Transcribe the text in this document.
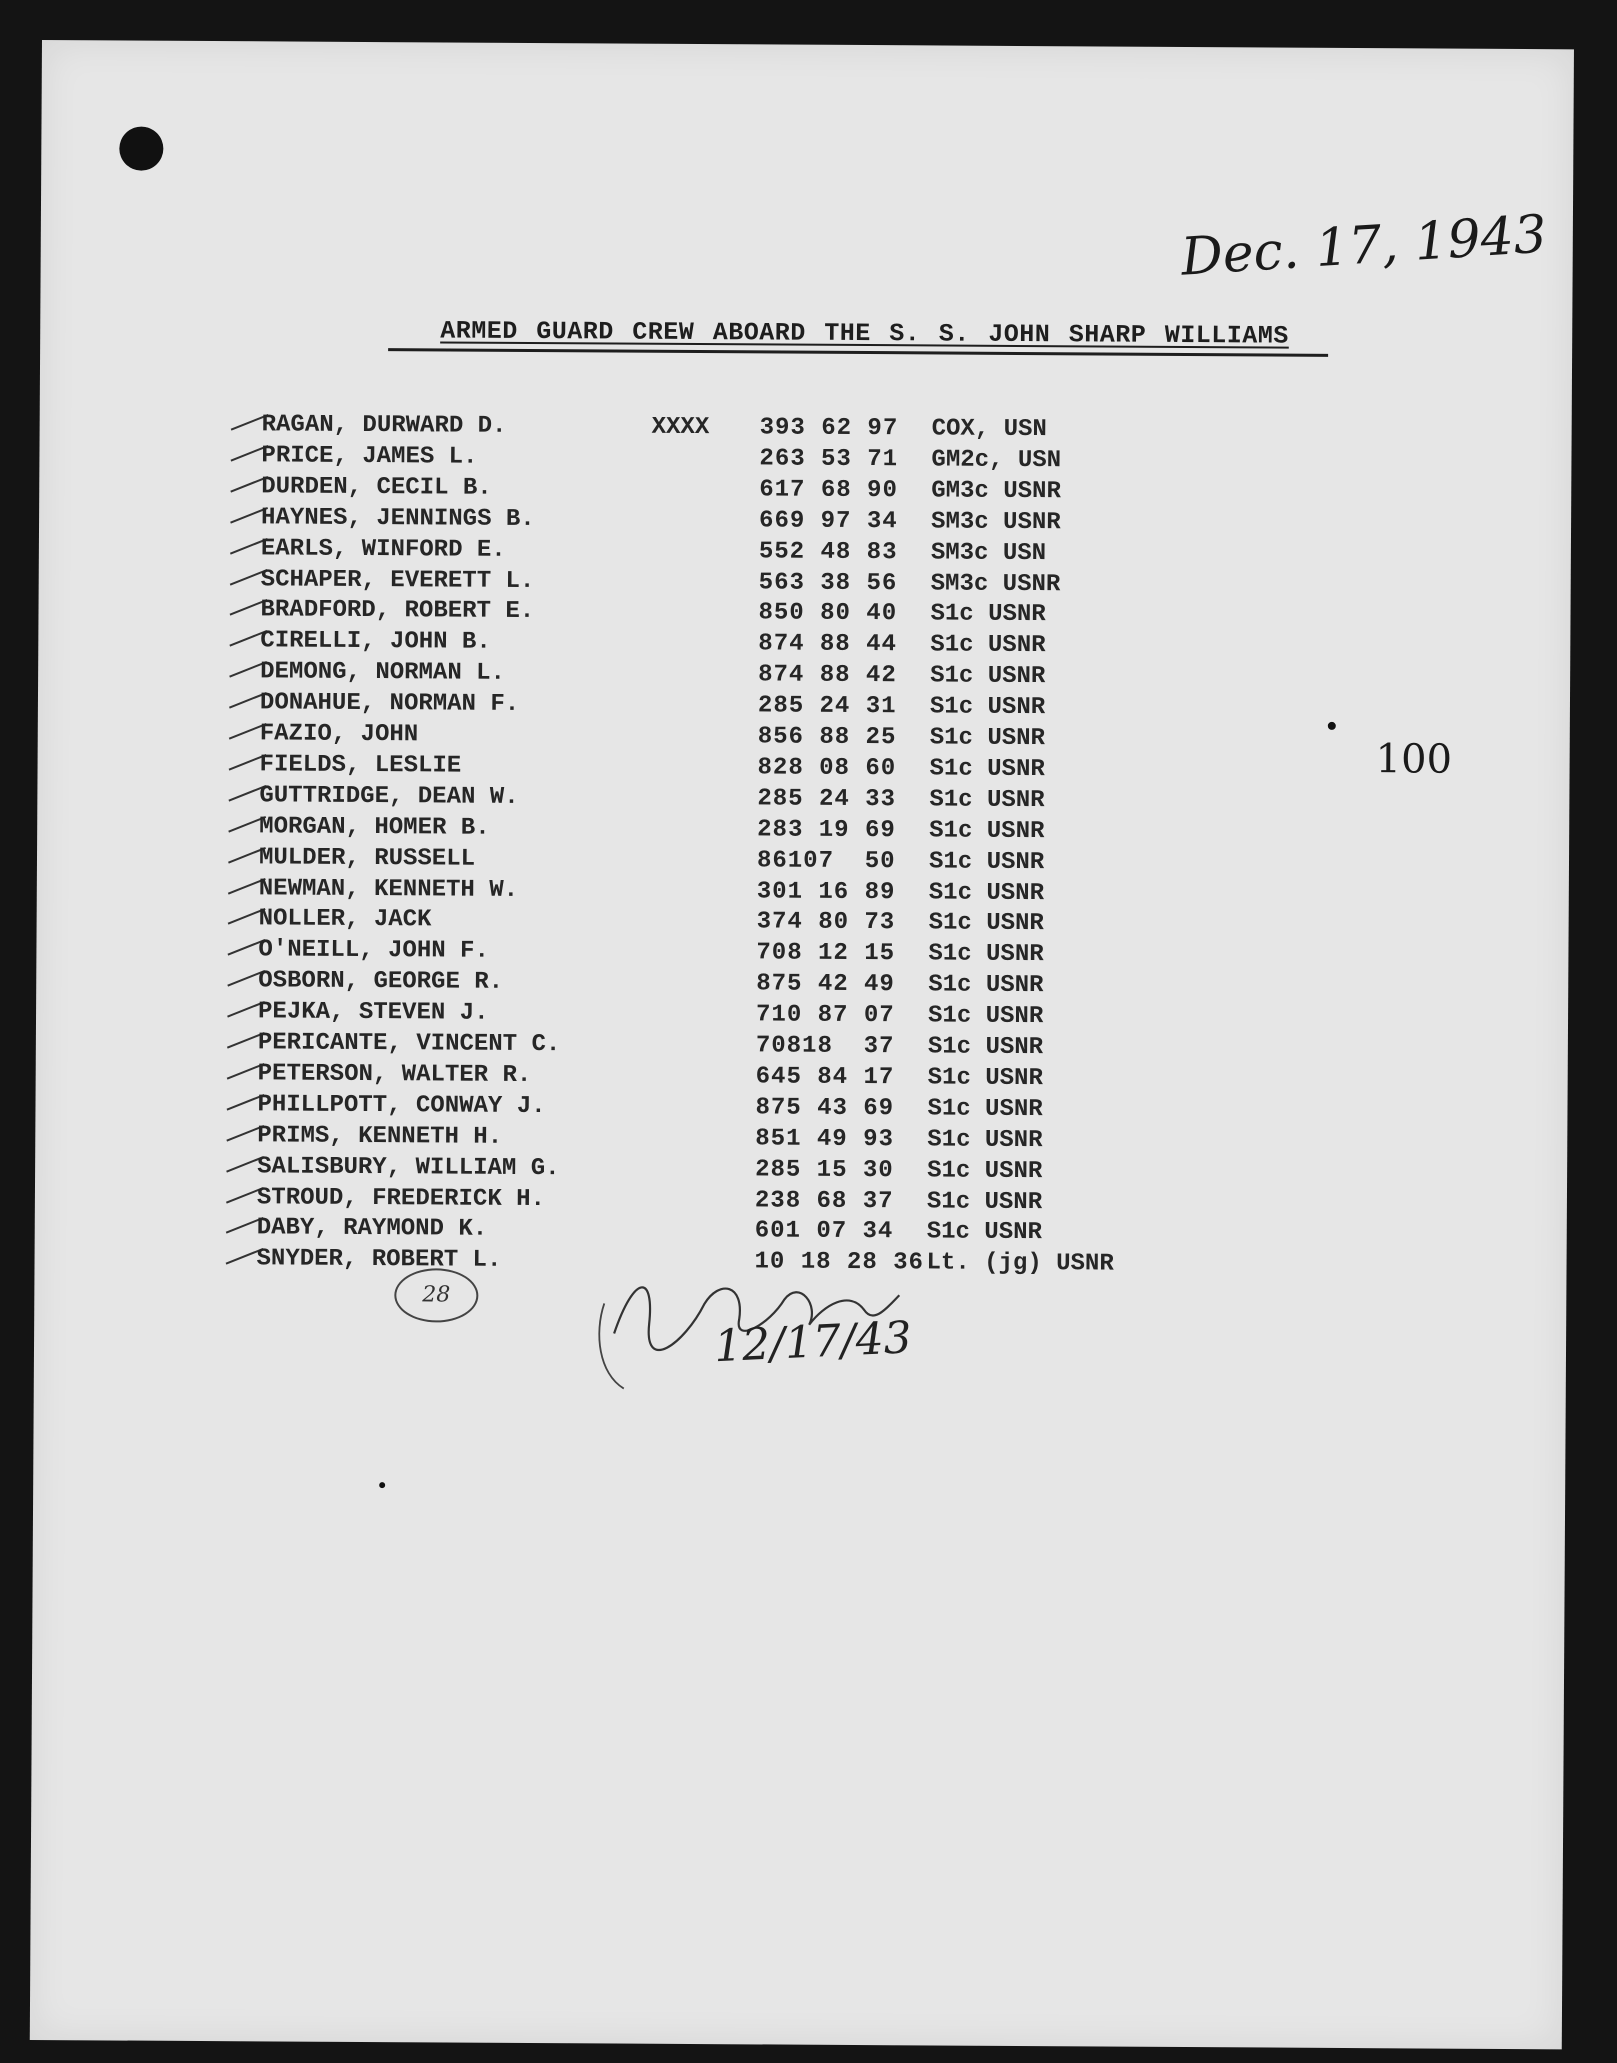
Dec. 17, 1943
ARMED GUARD CREW ABOARD THE S. S. JOHN SHARP WILLIAMS
RAGAN, DURWARD D.	XXXX 393 62 97 COX, USN
PRICE, JAMES L.	263 53 71 GM2c, USN
DURDEN, CECIL B.	617 68 90 GM3c USNR
HAYNES, JENNINGS B.	669 97 34 SM3c USNR
EARLS, WINFORD E.	552 48 83 SM3c USN
SCHAPER, EVERETT L.	563 38 56 SM3c USNR
BRADFORD, ROBERT E.	850 80 40 S1c USNR
CIRELLI, JOHN B.	874 88 44 S1c USNR
DEMONG, NORMAN L.	874 88 42 S1c USNR
DONAHUE, NORMAN F.	285 24 31 S1c USNR
FAZIO, JOHN	856 88 25 S1c USNR
FIELDS, LESLIE	828 08 60 S1c USNR
GUTTRIDGE, DEAN W.	285 24 33 S1c USNR
MORGAN, HOMER B.	283 19 69 S1c USNR
MULDER, RUSSELL	86107  50 S1c USNR
NEWMAN, KENNETH W.	301 16 89 S1c USNR
NOLLER, JACK	374 80 73 S1c USNR
O'NEILL, JOHN F.	708 12 15 S1c USNR
OSBORN, GEORGE R.	875 42 49 S1c USNR
PEJKA, STEVEN J.	710 87 07 S1c USNR
PERICANTE, VINCENT C.	70818  37 S1c USNR
PETERSON, WALTER R.	645 84 17 S1c USNR
PHILLPOTT, CONWAY J.	875 43 69 S1c USNR
PRIMS, KENNETH H.	851 49 93 S1c USNR
SALISBURY, WILLIAM G.	285 15 30 S1c USNR
STROUD, FREDERICK H.	238 68 37 S1c USNR
DABY, RAYMOND K.	601 07 34 S1c USNR
SNYDER, ROBERT L.	10 18 28 36 Lt. (jg) USNR
100
28
12/17/43
